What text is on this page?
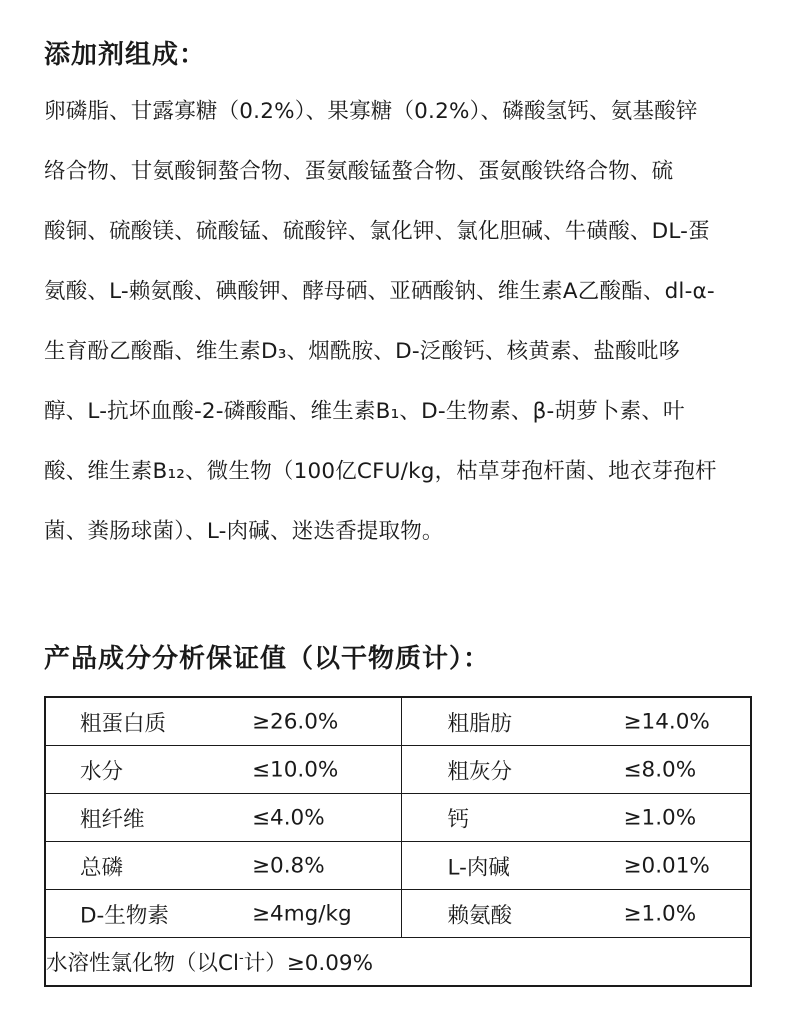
添加剂组成：
卵磷脂、甘露寡糖（0.2%）、果寡糖（0.2%）、磷酸氢钙、氨基酸锌
络合物、甘氨酸铜螯合物、蛋氨酸锰螯合物、蛋氨酸铁络合物、硫
酸铜、硫酸镁、硫酸锰、硫酸锌、氯化钾、氯化胆碱、牛磺酸、DL-蛋
氨酸、L-赖氨酸、碘酸钾、酵母硒、亚硒酸钠、维生素A乙酸酯、dl-α-
生育酚乙酸酯、维生素D₃、烟酰胺、D-泛酸钙、核黄素、盐酸吡哆
醇、L-抗坏血酸-2-磷酸酯、维生素B₁、D-生物素、β-胡萝卜素、叶
酸、维生素B₁₂、微生物（100亿CFU/kg，枯草芽孢杆菌、地衣芽孢杆
菌、粪肠球菌）、L-肉碱、迷迭香提取物。
产品成分分析保证值（以干物质计）：
粗蛋白质 ≥26.0%	粗脂肪 ≥14.0%

水分 ≤10.0%	粗灰分 ≤8.0%

粗纤维 ≤4.0%	钙 ≥1.0%

总磷 ≥0.8%	L-肉碱 ≥0.01%

D-生物素 ≥4mg/kg	赖氨酸 ≥1.0%

水溶性氯化物（以Cl-计）≥0.09%	
